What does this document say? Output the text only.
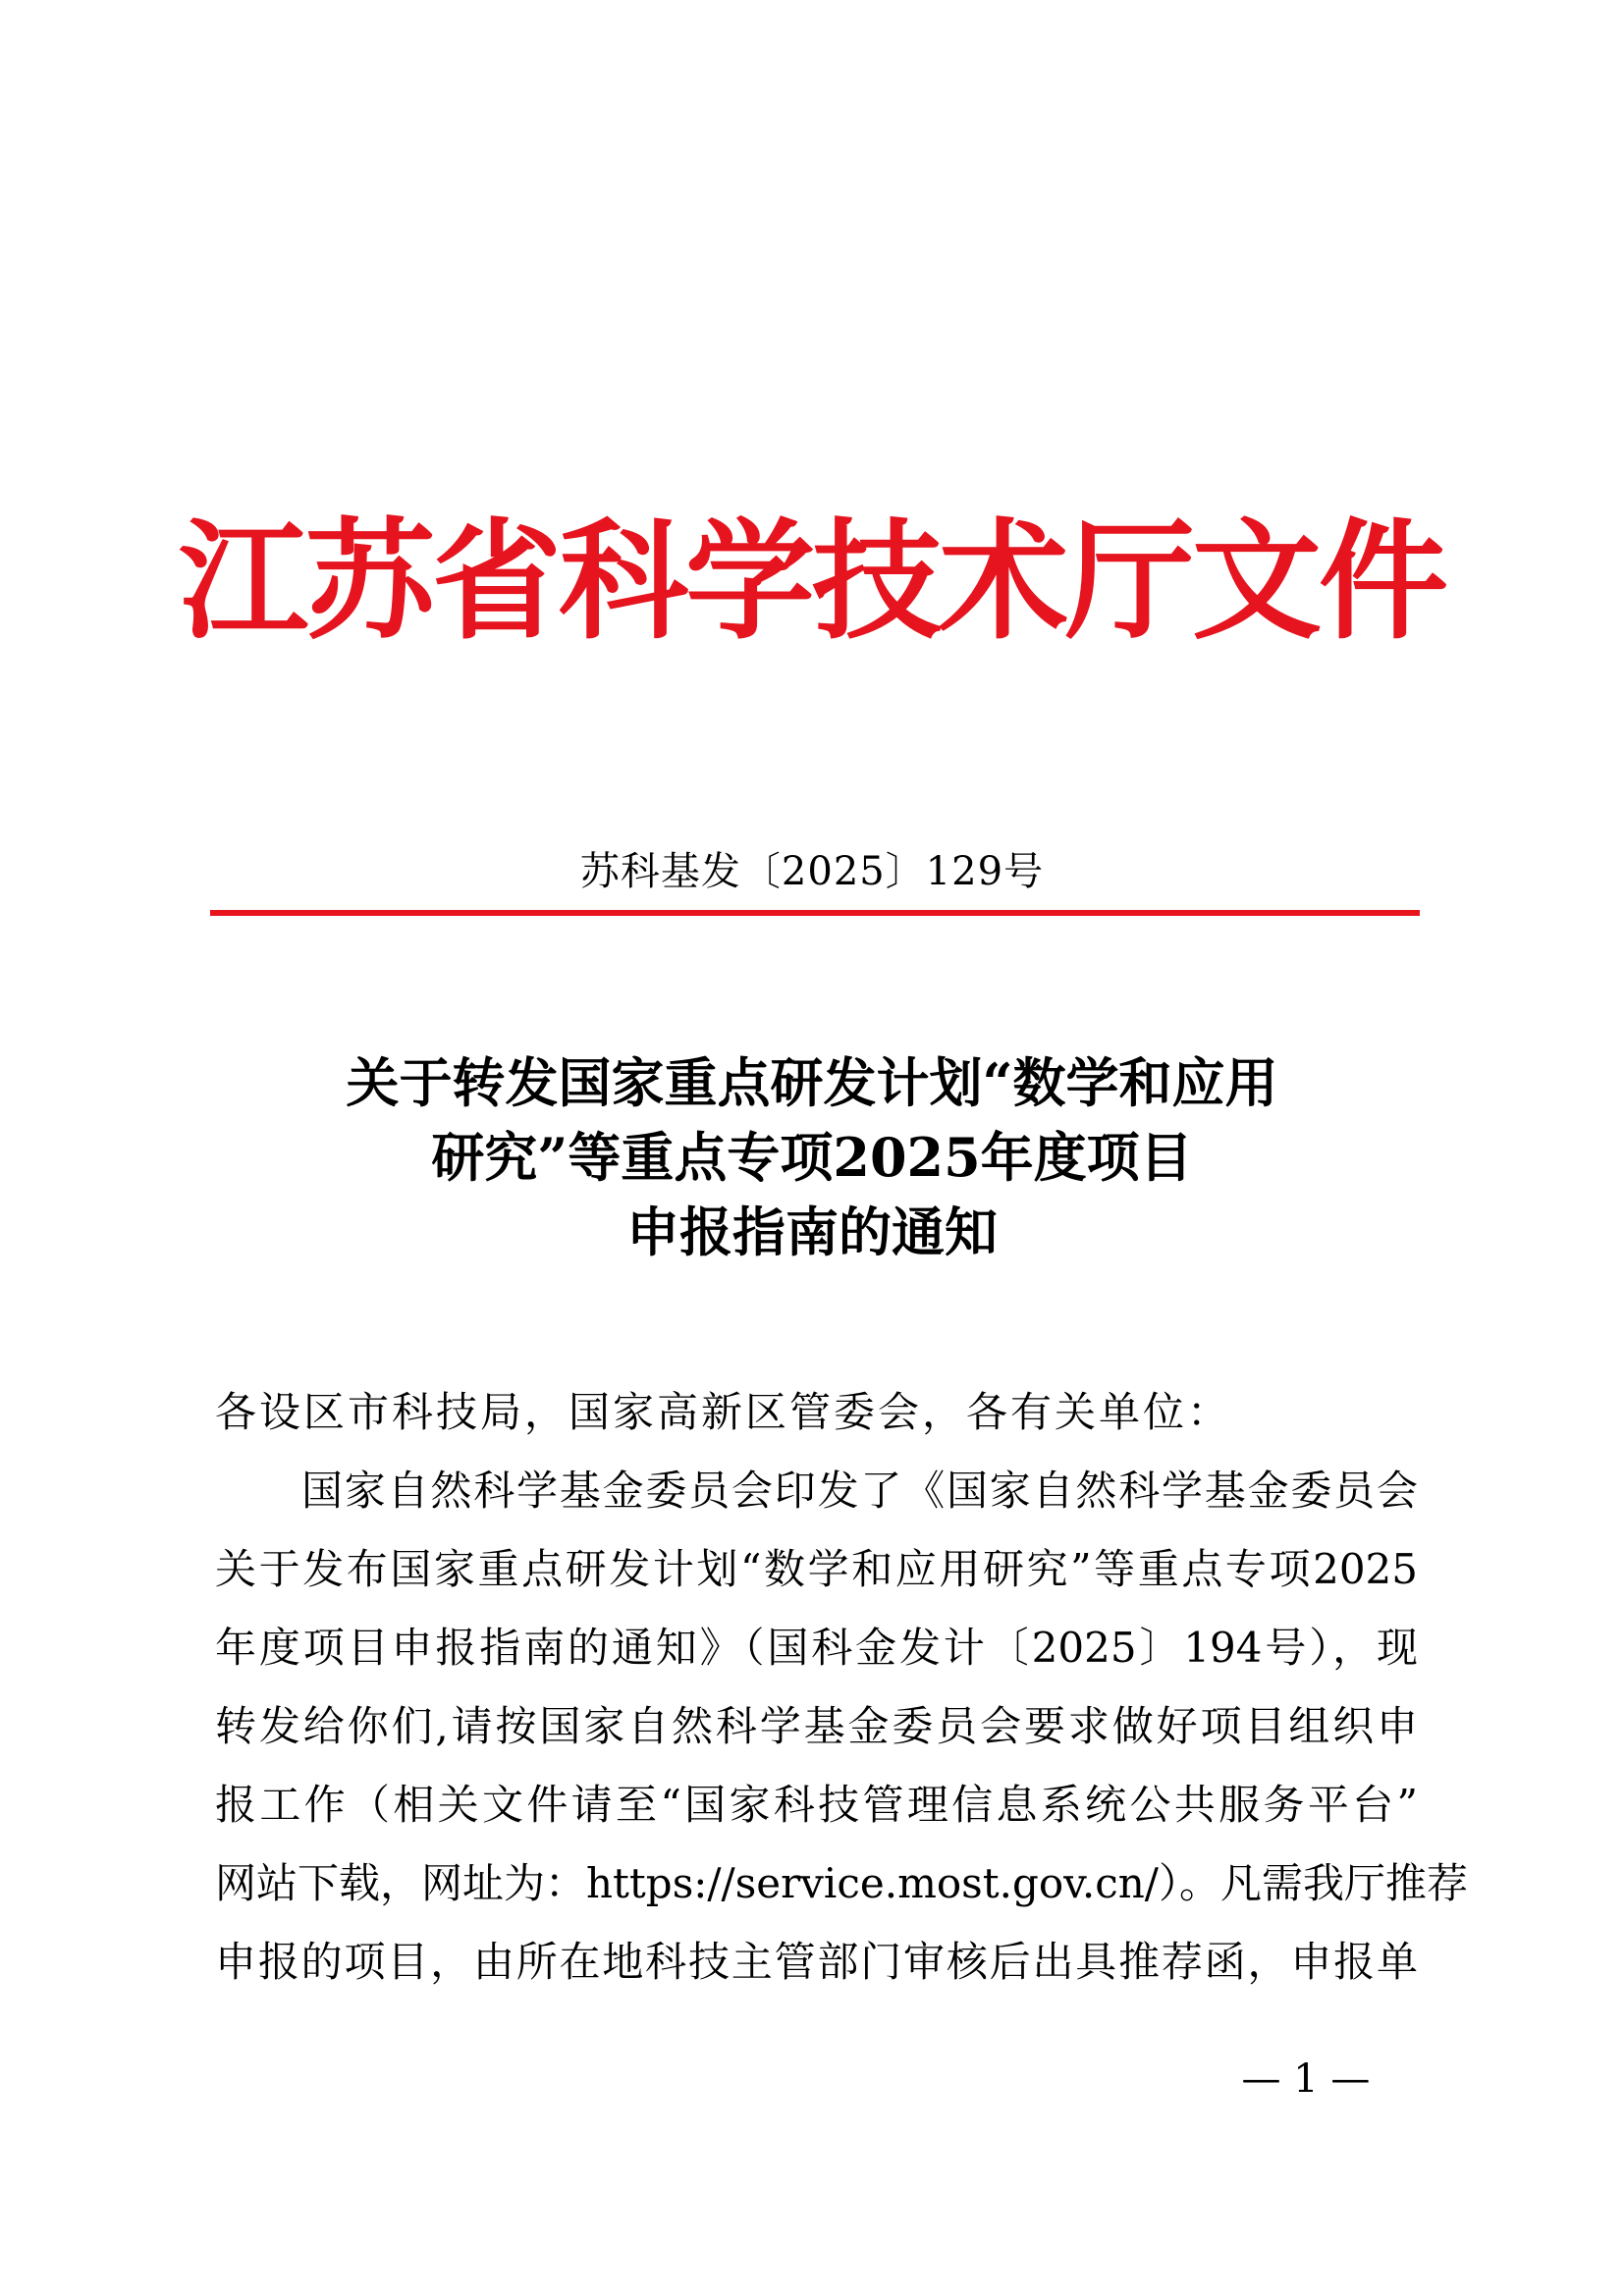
江苏省科学技术厅文件
苏科基发〔2025〕129号
关于转发国家重点研发计划“数学和应用
研究”等重点专项2025年度项目
申报指南的通知
各设区市科技局，国家高新区管委会，各有关单位：
国家自然科学基金委员会印发了《国家自然科学基金委员会
关于发布国家重点研发计划“数学和应用研究”等重点专项2025
年度项目申报指南的通知》（国科金发计〔2025〕194号），现
转发给你们,请按国家自然科学基金委员会要求做好项目组织申
报工作（相关文件请至“国家科技管理信息系统公共服务平台”
网站下载，网址为：https://service.most.gov.cn/）。凡需我厅推荐
申报的项目，由所在地科技主管部门审核后出具推荐函，申报单
— 1 —
